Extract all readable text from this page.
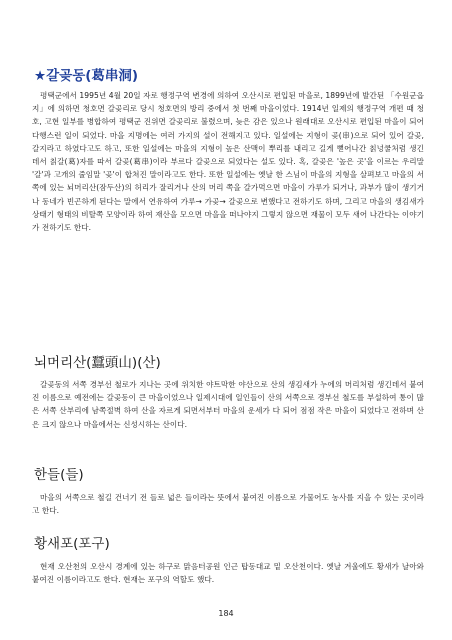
★갈곶동(葛串洞)

평택군에서 1995년 4월 20일 자로 행정구역 변경에 의하여 오산시로 편입된 마을로, 1899년에 발간된 「수원군읍지」에 의하면 청호면 갈곶리로 당시 청호면의 방리 중에서 첫 번째 마을이었다. 1914년 일제의 행정구역 개편 때 청호, 고현 일부를 병합하여 평택군 진위면 갈곶리로 불렸으며, 늦은 감은 있으나 원래대로 오산시로 편입된 마을이 되어 다행스런 일이 되었다. 마을 지명에는 여러 가지의 설이 전해지고 있다. 일설에는 지형이 곶(串)으로 되어 있어 갈곶, 갈지라고 하였다고도 하고, 또한 일설에는 마을의 지형이 높은 산맥이 뿌리를 내리고 길게 뻗어나간 칡넝쿨처럼 생긴 데서 칡갈(葛)자를 따서 갈곶(葛串)이라 부르다 갈곶으로 되었다는 설도 있다. 혹, 갈곶은 '높은 곳'을 이르는 우리말 '갈'과 고개의 줄임말 '곶'이 합쳐진 말이라고도 한다. 또한 일설에는 옛날 한 스님이 마을의 지형을 살펴보고 마을의 서쪽에 있는 뇌머리산(잠두산)의 허리가 잘리거나 산의 머리 쪽을 갈가먹으면 마을이 가루가 되거나, 과부가 많이 생기거나 동네가 빈곤하게 된다는 말에서 연유하여 가루→ 가곶→ 갈곶으로 변했다고 전하기도 하며, 그리고 마을의 생김새가 상태기 형태의 비탈쪽 모양이라 하여 재산을 모으면 마을을 떠나야지 그렇지 않으면 재물이 모두 새어 나간다는 이야기가 전하기도 한다.

뇌머리산(蠶頭山)(산)

갈곶동의 서쪽 경부선 철로가 지나는 곳에 위치한 야트막한 야산으로 산의 생김새가 누에의 머리처럼 생긴데서 붙여진 이름으로 예전에는 갈곶동이 큰 마을이었으나 일제시대에 일인들이 산의 서쪽으로 경부선 철도를 부설하여 통이 많은 서쪽 산부리에 남쪽절벽 하여 산을 자르게 되면서부터 마을의 운세가 다 되어 점점 작은 마을이 되었다고 전하며 산은 크지 않으나 마을에서는 신성시하는 산이다.

한들(들)

마을의 서쪽으로 철길 건너기 전 들로 넓은 들이라는 뜻에서 붙여진 이름으로 가물어도 농사를 지을 수 있는 곳이라고 한다.

황새포(포구)

현재 오산천의 오산시 경계에 있는 하구로 맑음터공원 인근 탑동대교 밑 오산천이다. 옛날 겨울에도 황새가 날아와 붙여진 이름이라고도 한다. 현재는 포구의 역할도 했다.

184
